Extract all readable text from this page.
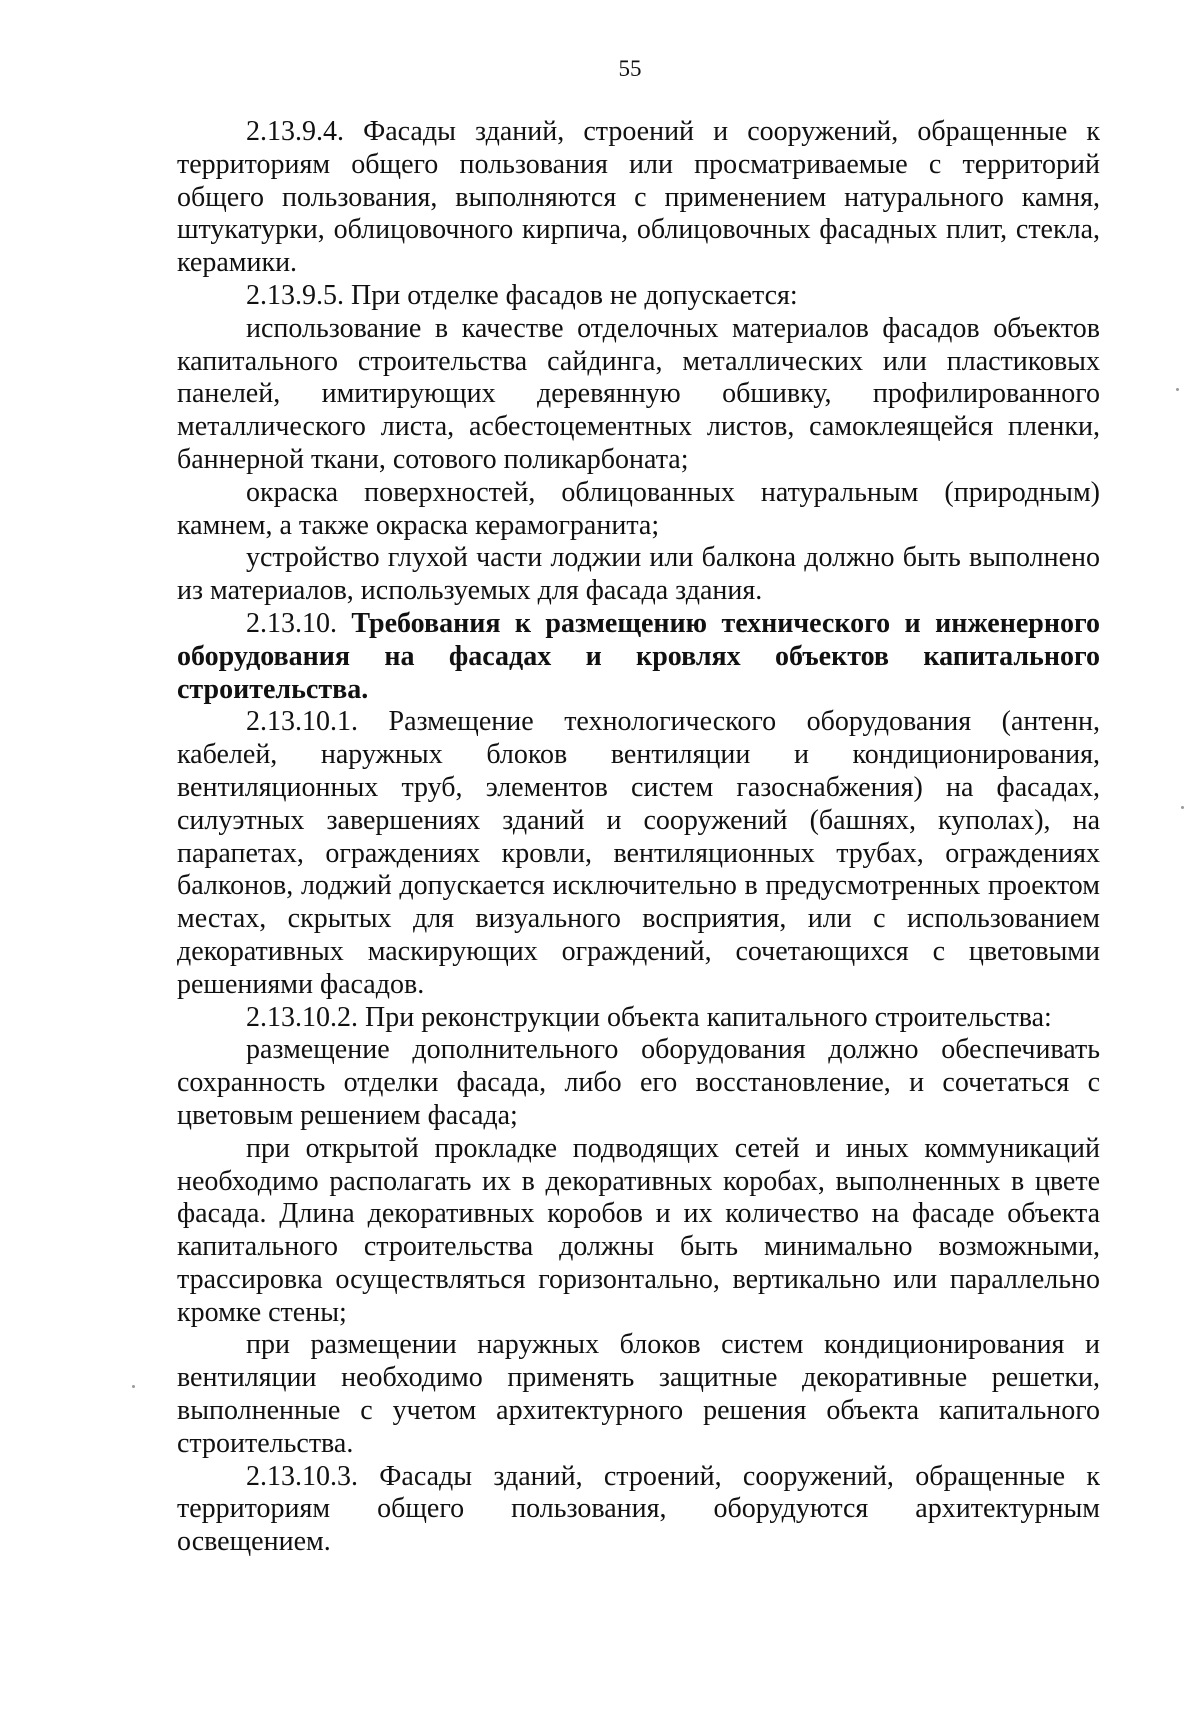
55

2.13.9.4. Фасады зданий, строений и сооружений, обращенные к территориям общего пользования или просматриваемые с территорий общего пользования, выполняются с применением натурального камня, штукатурки, облицовочного кирпича, облицовочных фасадных плит, стекла, керамики.

2.13.9.5. При отделке фасадов не допускается:

использование в качестве отделочных материалов фасадов объектов капитального строительства сайдинга, металлических или пластиковых панелей, имитирующих деревянную обшивку, профилированного металлического листа, асбестоцементных листов, самоклеящейся пленки, баннерной ткани, сотового поликарбоната;

окраска поверхностей, облицованных натуральным (природным) камнем, а также окраска керамогранита;

устройство глухой части лоджии или балкона должно быть выполнено из материалов, используемых для фасада здания.

2.13.10. Требования к размещению технического и инженерного оборудования на фасадах и кровлях объектов капитального строительства.

2.13.10.1. Размещение технологического оборудования (антенн, кабелей, наружных блоков вентиляции и кондиционирования, вентиляционных труб, элементов систем газоснабжения) на фасадах, силуэтных завершениях зданий и сооружений (башнях, куполах), на парапетах, ограждениях кровли, вентиляционных трубах, ограждениях балконов, лоджий допускается исключительно в предусмотренных проектом местах, скрытых для визуального восприятия, или с использованием декоративных маскирующих ограждений, сочетающихся с цветовыми решениями фасадов.

2.13.10.2. При реконструкции объекта капитального строительства:

размещение дополнительного оборудования должно обеспечивать сохранность отделки фасада, либо его восстановление, и сочетаться с цветовым решением фасада;

при открытой прокладке подводящих сетей и иных коммуникаций необходимо располагать их в декоративных коробах, выполненных в цвете фасада. Длина декоративных коробов и их количество на фасаде объекта капитального строительства должны быть минимально возможными, трассировка осуществляться горизонтально, вертикально или параллельно кромке стены;

при размещении наружных блоков систем кондиционирования и вентиляции необходимо применять защитные декоративные решетки, выполненные с учетом архитектурного решения объекта капитального строительства.

2.13.10.3. Фасады зданий, строений, сооружений, обращенные к территориям общего пользования, оборудуются архитектурным освещением.
